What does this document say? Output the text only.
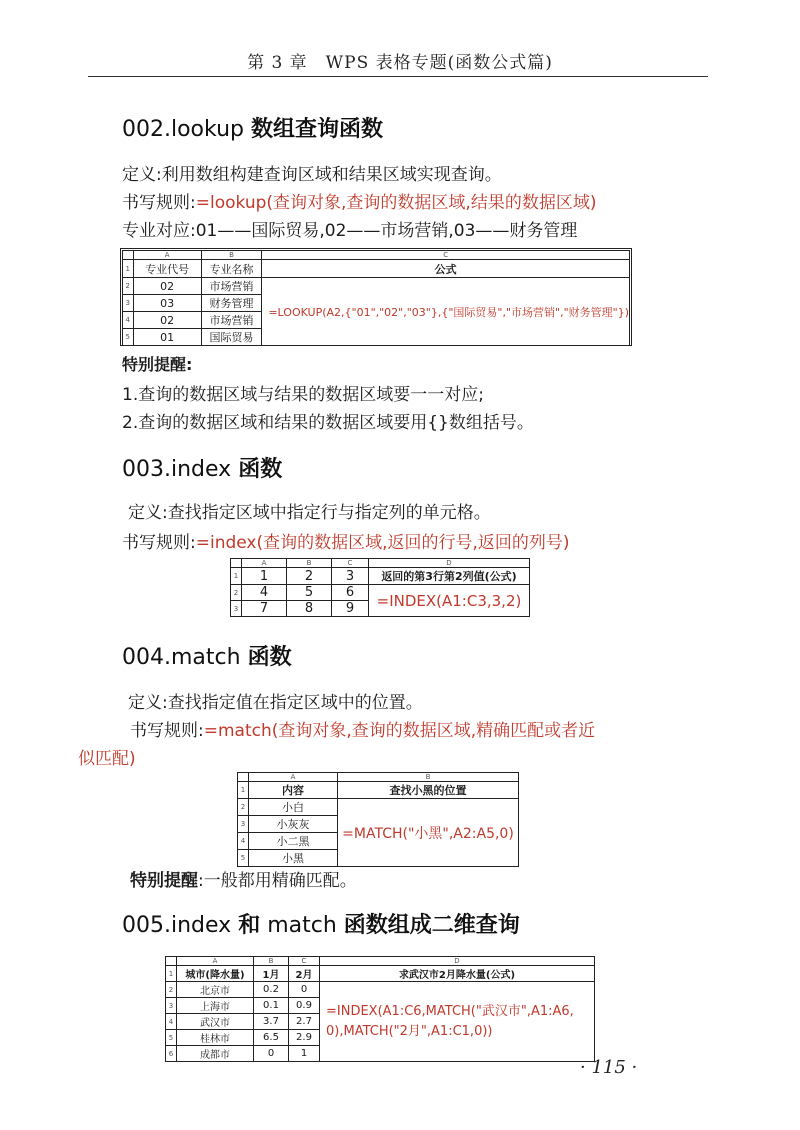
第 3 章　WPS 表格专题(函数公式篇)
002.lookup 数组查询函数
定义:利用数组构建查询区域和结果区域实现查询。
书写规则:=lookup(查询对象,查询的数据区域,结果的数据区域)
专业对应:01——国际贸易,02——市场营销,03——财务管理
	A	B	C
1	专业代号	专业名称	公式
2	02	市场营销	=LOOKUP(A2,{"01","02","03"},{"国际贸易","市场营销","财务管理"})
3	03	财务管理	
4	02	市场营销	
5	01	国际贸易	
特别提醒:
1.查询的数据区域与结果的数据区域要一一对应;
2.查询的数据区域和结果的数据区域要用{}数组括号。
003.index 函数
定义:查找指定区域中指定行与指定列的单元格。
书写规则:=index(查询的数据区域,返回的行号,返回的列号)
	A	B	C	D
1	1	2	3	返回的第3行第2列值(公式)
2	4	5	6	=INDEX(A1:C3,3,2)
3	7	8	9	
004.match 函数
定义:查找指定值在指定区域中的位置。
书写规则:=match(查询对象,查询的数据区域,精确匹配或者近
似匹配)
	A	B
1	内容	查找小黑的位置
2	小白	=MATCH("小黑",A2:A5,0)
3	小灰灰	
4	小二黑	
5	小黑	
特别提醒:一般都用精确匹配。
005.index 和 match 函数组成二维查询
	A	B	C	D
1	城市(降水量)	1月	2月	求武汉市2月降水量(公式)
2	北京市	0.2	0	=INDEX(A1:C6,MATCH("武汉市",A1:A6,
0),MATCH("2月",A1:C1,0))

3	上海市	0.1	0.9	
4	武汉市	3.7	2.7	
5	桂林市	6.5	2.9	
6	成都市	0	1	
· 115 ·
